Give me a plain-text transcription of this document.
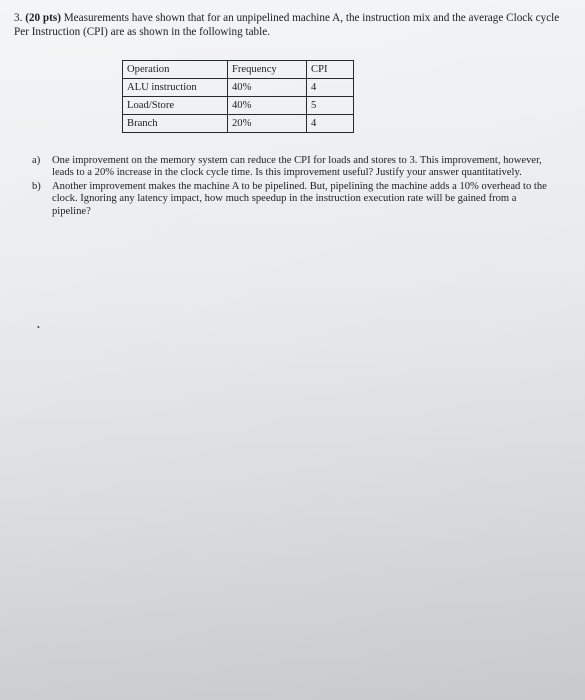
3. (20 pts) Measurements have shown that for an unpipelined machine A, the instruction mix and the average Clock cycle Per Instruction (CPI) are as shown in the following table.
Operation	Frequency	CPI
ALU instruction	40%	4
Load/Store	40%	5
Branch	20%	4
a)	One improvement on the memory system can reduce the CPI for loads and stores to 3. This improvement, however, leads to a 20% increase in the clock cycle time. Is this improvement useful? Justify your answer quantitatively.
b)	Another improvement makes the machine A to be pipelined. But, pipelining the machine adds a 10% overhead to the clock. Ignoring any latency impact, how much speedup in the instruction execution rate will be gained from a pipeline?
•
